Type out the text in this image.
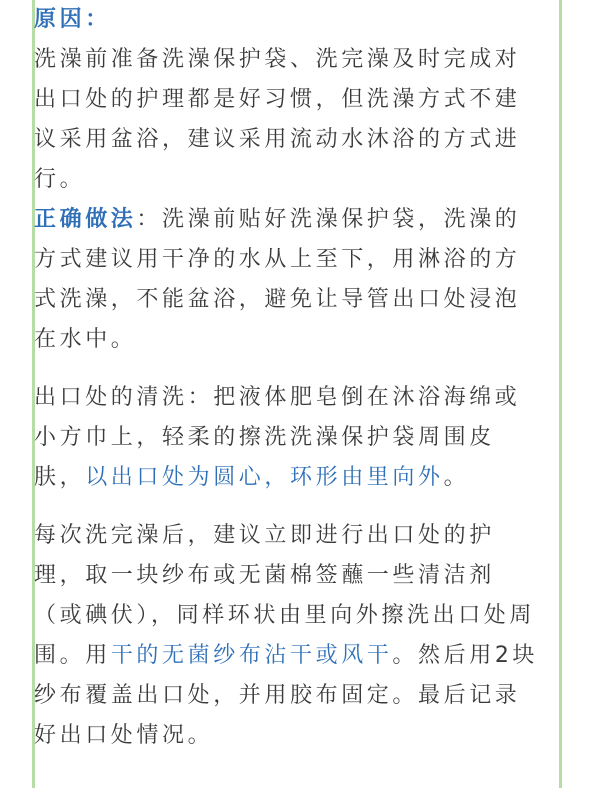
原因：
洗澡前准备洗澡保护袋、洗完澡及时完成对出口处的护理都是好习惯，但洗澡方式不建议采用盆浴，建议采用流动水沐浴的方式进行。

正确做法：洗澡前贴好洗澡保护袋，洗澡的方式建议用干净的水从上至下，用淋浴的方式洗澡，不能盆浴，避免让导管出口处浸泡在水中。

出口处的清洗：把液体肥皂倒在沐浴海绵或小方巾上，轻柔的擦洗洗澡保护袋周围皮肤，以出口处为圆心，环形由里向外。

每次洗完澡后，建议立即进行出口处的护理，取一块纱布或无菌棉签蘸一些清洁剂（或碘伏），同样环状由里向外擦洗出口处周围。用干的无菌纱布沾干或风干。然后用2块纱布覆盖出口处，并用胶布固定。最后记录好出口处情况。
